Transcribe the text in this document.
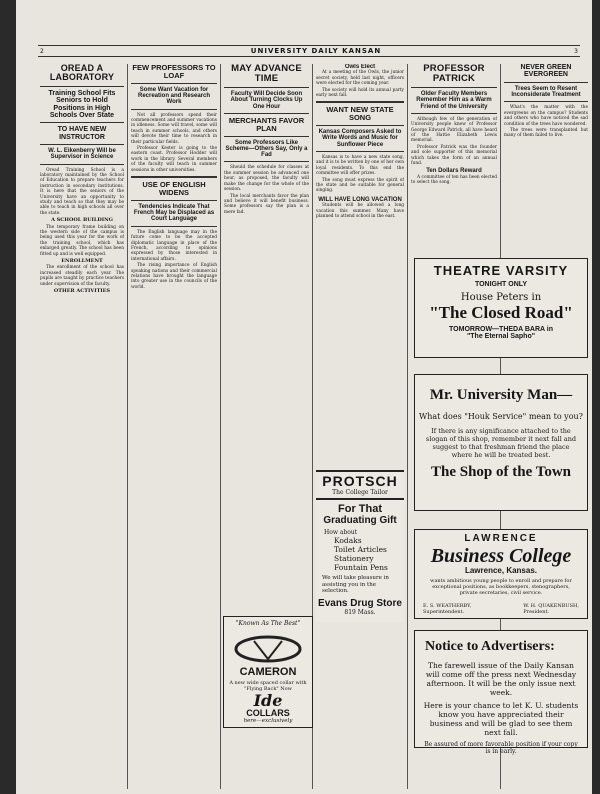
2	UNIVERSITY DAILY KANSAN	3
OREAD A LABORATORY
Training School Fits Seniors to Hold Positions in High Schools Over State
TO HAVE NEW INSTRUCTOR
W. L. Eikenberry Will be Supervisor in Science

Oread Training School is a laboratory maintained by the School of Education to prepare teachers for instruction in secondary institutions. It is here that the seniors of the University have an opportunity to study and teach so that they may be able to teach in high schools all over the state.

A SCHOOL BUILDING

The temporary frame building on the western side of the campus is being used this year for the work of the training school, which has enlarged greatly. The school has been fitted up and is well equipped.

ENROLLMENT

The enrollment of the school has increased steadily each year. The pupils are taught by practice teachers under supervision of the faculty.

OTHER ACTIVITIES
FEW PROFESSORS TO LOAF
Some Want Vacation for Recreation and Research Work

Not all professors spend their commencement and summer vacations in idleness. Some will travel, some will teach in summer schools, and others will devote their time to research in their particular fields.

Professor Kester is going to the eastern coast. Professor Hodder will work in the library. Several members of the faculty will teach in summer sessions in other universities.

USE OF ENGLISH WIDENS
Tendencies Indicate That French May be Displaced as Court Language

The English language may in the future come to be the accepted diplomatic language in place of the French, according to opinions expressed by those interested in international affairs.

The rising importance of English speaking nations and their commercial relations have brought the language into greater use in the councils of the world.

MAY ADVANCE TIME
Faculty Will Decide Soon About Turning Clocks Up One Hour
MERCHANTS FAVOR PLAN
Some Professors Like Scheme—Others Say, Only a Fad

Should the schedule for classes at the summer session be advanced one hour, as proposed, the faculty will make the change for the whole of the session.

The local merchants favor the plan and believe it will benefit business. Some professors say the plan is a mere fad.

Owls Elect

At a meeting of the Owls, the junior secret society, held last night, officers were elected for the coming year.

The society will hold its annual party early next fall.

WANT NEW STATE SONG
Kansas Composers Asked to Write Words and Music for Sunflower Piece

Kansas is to have a new state song, and it is to be written by one of her own loyal residents. To this end the committee will offer prizes.

The song must express the spirit of the state and be suitable for general singing.

WILL HAVE LONG VACATION

Students will be allowed a long vacation this summer. Many have planned to attend school in the east.

PROFESSOR PATRICK
Older Faculty Members Remember Him as a Warm Friend of the University

Although few of the generation of University people knew of Professor George Edward Patrick, all have heard of the Hattie Elizabeth Lewis memorial.

Professor Patrick was the founder and sole supporter of this memorial which takes the form of an annual fund.

Ten Dollars Reward

A committee of ten has been elected to select the song.

NEVER GREEN EVERGREEN
Trees Seem to Resent Inconsiderate Treatment

What's the matter with the evergreens on the campus? Students and others who have noticed the sad condition of the trees have wondered.

The trees were transplanted but many of them failed to live.

THEATRE VARSITY
TONIGHT ONLY
House Peters in
"The Closed Road"
TOMORROW—THEDA BARA in
"The Eternal Sapho"
Mr. University Man—
What does "Houk Service" mean to you?
If there is any significance attached to the slogan of this shop, remember it next fall and suggest to that freshman friend the place where he will be treated best.
The Shop of the Town
PROTSCH
The College Tailor
For That
Graduating Gift
How about
Kodaks
Toilet Articles
Stationery
Fountain Pens
We will take pleasure in assisting you in the selection.
Evans Drug Store
819 Mass.
"Known As The Best"
CAMERON
A new wide spaced collar with "Flying Back" Now
Ide
COLLARS
here—exclusively
LAWRENCE
Business College
Lawrence, Kansas.
wants ambitious young people to enroll and prepare for exceptional positions, as bookkeepers, stenographers, private secretaries, civil service.
E. S. WEATHERBY,
Superintendent.
W. H. QUAKENBUSH,
President.
Notice to Advertisers:
The farewell issue of the Daily Kansan will come off the press next Wednesday afternoon. It will be the only issue next week.
Here is your chance to let K. U. students know you have appreciated their business and will be glad to see them next fall.
Be assured of more favorable position if your copy is in early.
